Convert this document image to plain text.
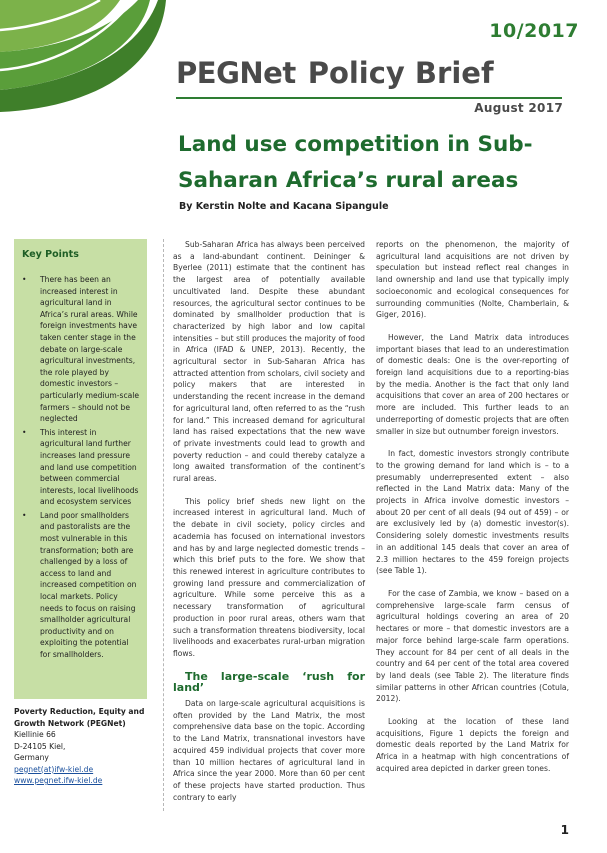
10/2017
PEGNet Policy Brief
August 2017
Land use competition in Sub-
Saharan Africa’s rural areas
By Kerstin Nolte and Kacana Sipangule
Key Points
• There has been an increased interest in agricultural land in Africa’s rural areas. While foreign investments have taken center stage in the debate on large-scale agricultural investments, the role played by domestic investors – particularly medium-scale farmers – should not be neglected
• This interest in agricultural land further increases land pressure and land use competition between commercial interests, local livelihoods and ecosystem services
• Land poor smallholders and pastoralists are the most vulnerable in this transformation; both are challenged by a loss of access to land and increased competition on local markets. Policy needs to focus on raising smallholder agricultural productivity and on exploiting the potential for smallholders.
Poverty Reduction, Equity and
Growth Network (PEGNet)
Kiellinie 66
D-24105 Kiel,
Germany
pegnet(at)ifw-kiel.de
www.pegnet.ifw-kiel.de

Sub-Saharan Africa has always been perceived as a land-abundant continent. Deininger & Byerlee (2011) estimate that the continent has the largest area of potentially available uncultivated land. Despite these abundant resources, the agricultural sector continues to be dominated by smallholder production that is characterized by high labor and low capital intensities – but still produces the majority of food in Africa (IFAD & UNEP, 2013). Recently, the agricultural sector in Sub-Saharan Africa has attracted attention from scholars, civil society and policy makers that are interested in understanding the recent increase in the demand for agricultural land, often referred to as the “rush for land.” This increased demand for agricultural land has raised expectations that the new wave of private investments could lead to growth and poverty reduction – and could thereby catalyze a long awaited transformation of the continent’s rural areas.

This policy brief sheds new light on the increased interest in agricultural land. Much of the debate in civil society, policy circles and academia has focused on international investors and has by and large neglected domestic trends – which this brief puts to the fore. We show that this renewed interest in agriculture contributes to growing land pressure and commercialization of agriculture. While some perceive this as a necessary transformation of agricultural production in poor rural areas, others warn that such a transformation threatens biodiversity, local livelihoods and exacerbates rural-urban migration flows.

The large-scale ‘rush for land’

Data on large-scale agricultural acquisitions is often provided by the Land Matrix, the most comprehensive data base on the topic. According to the Land Matrix, transnational investors have acquired 459 individual projects that cover more than 10 million hectares of agricultural land in Africa since the year 2000. More than 60 per cent of these projects have started production. Thus contrary to early

reports on the phenomenon, the majority of agricultural land acquisitions are not driven by speculation but instead reflect real changes in land ownership and land use that typically imply socioeconomic and ecological consequences for surrounding communities (Nolte, Chamberlain, & Giger, 2016).

However, the Land Matrix data introduces important biases that lead to an underestimation of domestic deals: One is the over-reporting of foreign land acquisitions due to a reporting-bias by the media. Another is the fact that only land acquisitions that cover an area of 200 hectares or more are included. This further leads to an underreporting of domestic projects that are often smaller in size but outnumber foreign investors.

In fact, domestic investors strongly contribute to the growing demand for land which is – to a presumably underrepresented extent – also reflected in the Land Matrix data: Many of the projects in Africa involve domestic investors – about 20 per cent of all deals (94 out of 459) – or are exclusively led by (a) domestic investor(s). Considering solely domestic investments results in an additional 145 deals that cover an area of 2.3 million hectares to the 459 foreign projects (see Table 1).

For the case of Zambia, we know – based on a comprehensive large-scale farm census of agricultural holdings covering an area of 20 hectares or more – that domestic investors are a major force behind large-scale farm operations. They account for 84 per cent of all deals in the country and 64 per cent of the total area covered by land deals (see Table 2). The literature finds similar patterns in other African countries (Cotula, 2012).

Looking at the location of these land acquisitions, Figure 1 depicts the foreign and domestic deals reported by the Land Matrix for Africa in a heatmap with high concentrations of acquired area depicted in darker green tones.

1
